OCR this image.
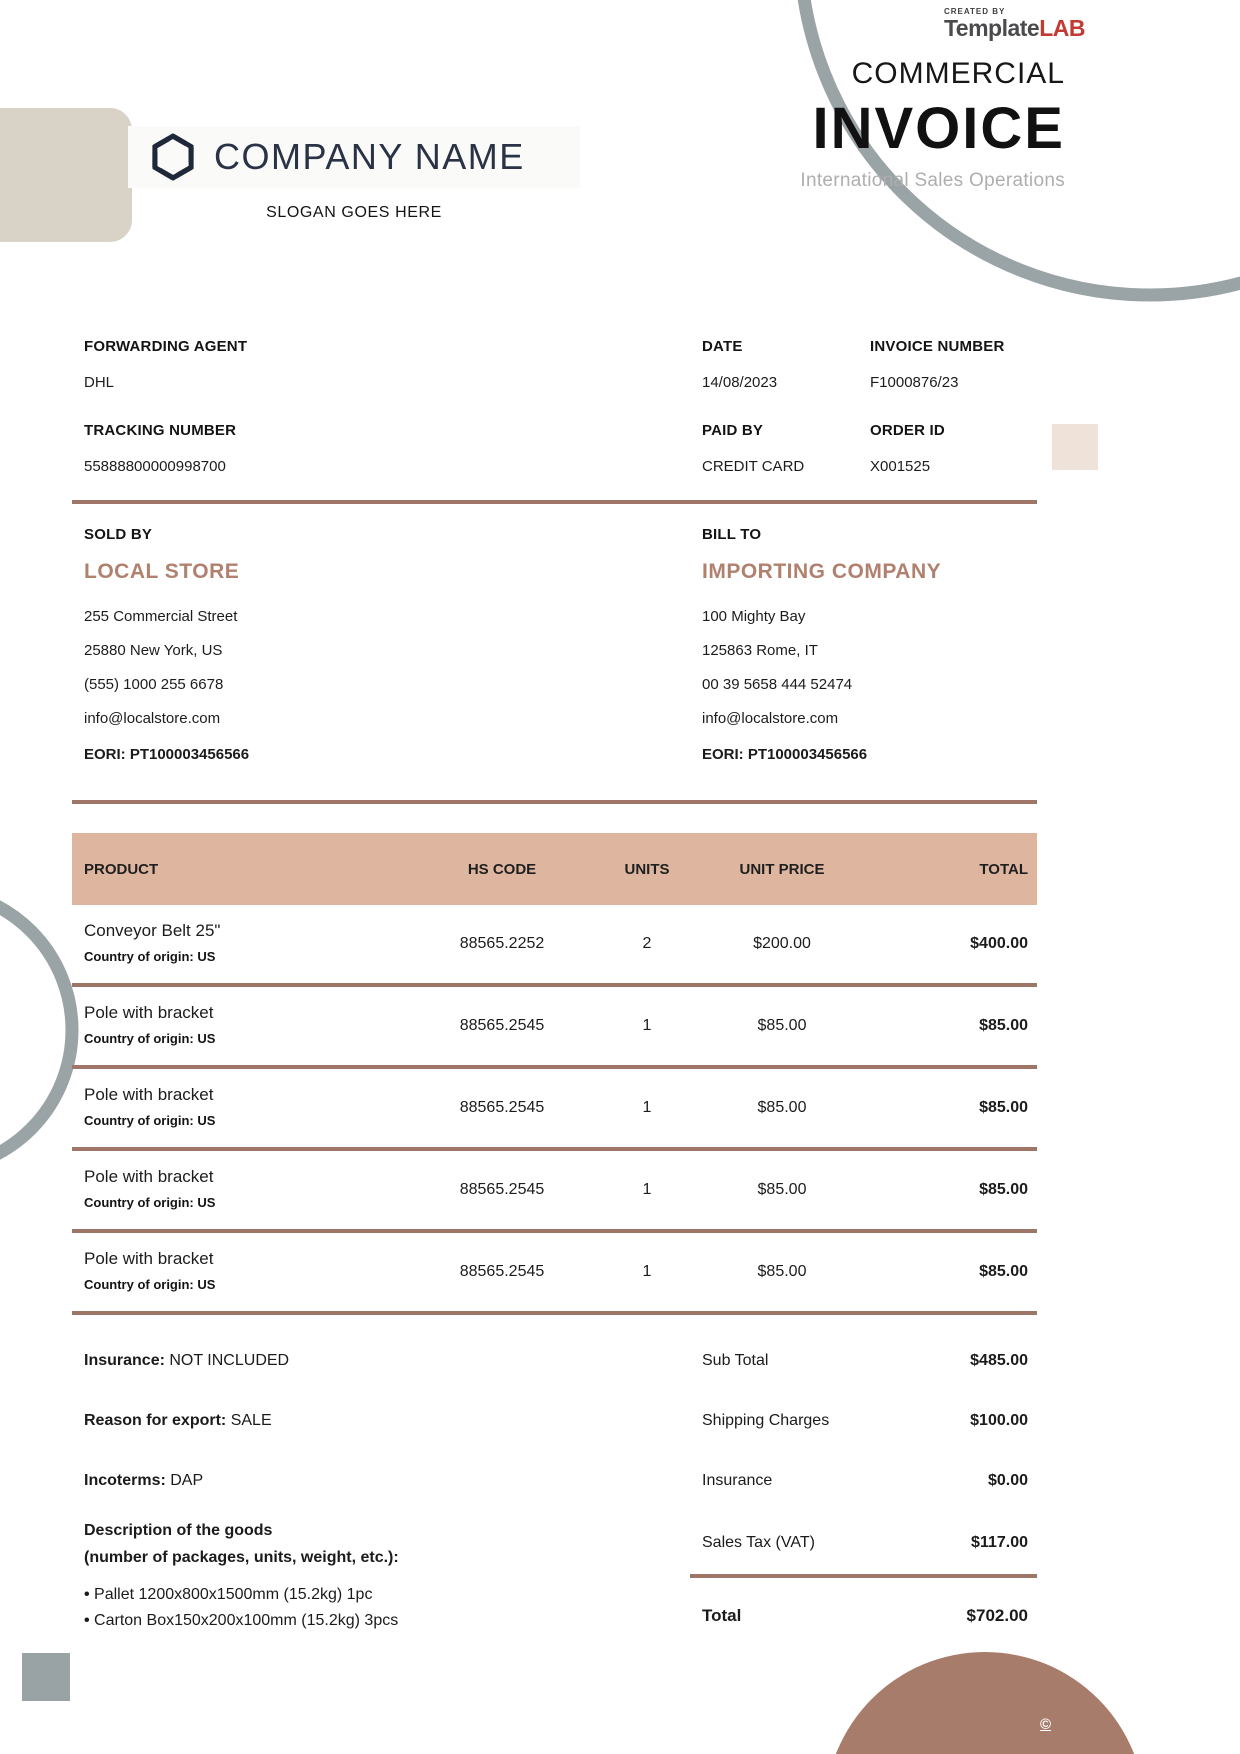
COMPANY NAME
SLOGAN GOES HERE
CREATED BY
TemplateLAB
COMMERCIAL
INVOICE
International Sales Operations
FORWARDING AGENT
DHL
DATE
14/08/2023
INVOICE NUMBER
F1000876/23
TRACKING NUMBER
55888800000998700
PAID BY
CREDIT CARD
ORDER ID
X001525
SOLD BY	BILL TO
LOCAL STORE	IMPORTING COMPANY
255 Commercial Street
25880 New York, US
(555) 1000 255 6678
info@localstore.com
EORI: PT100003456566
100 Mighty Bay
125863 Rome, IT
00 39 5658 444 52474
info@localstore.com
EORI: PT100003456566
PRODUCT	HS CODE	UNITS	UNIT PRICE	TOTAL
Conveyor Belt 25"
Country of origin: US
88565.2252	2	$200.00	$400.00
Pole with bracket
Country of origin: US
88565.2545	1	$85.00	$85.00
Pole with bracket
Country of origin: US
88565.2545	1	$85.00	$85.00
Pole with bracket
Country of origin: US
88565.2545	1	$85.00	$85.00
Pole with bracket
Country of origin: US
88565.2545	1	$85.00	$85.00
Insurance: NOT INCLUDED
Reason for export: SALE
Incoterms: DAP
Description of the goods
(number of packages, units, weight, etc.):
• Pallet 1200x800x1500mm (15.2kg) 1pc
• Carton Box150x200x100mm (15.2kg) 3pcs
Sub Total	$485.00
Shipping Charges	$100.00
Insurance	$0.00
Sales Tax (VAT)	$117.00
Total	$702.00
©
